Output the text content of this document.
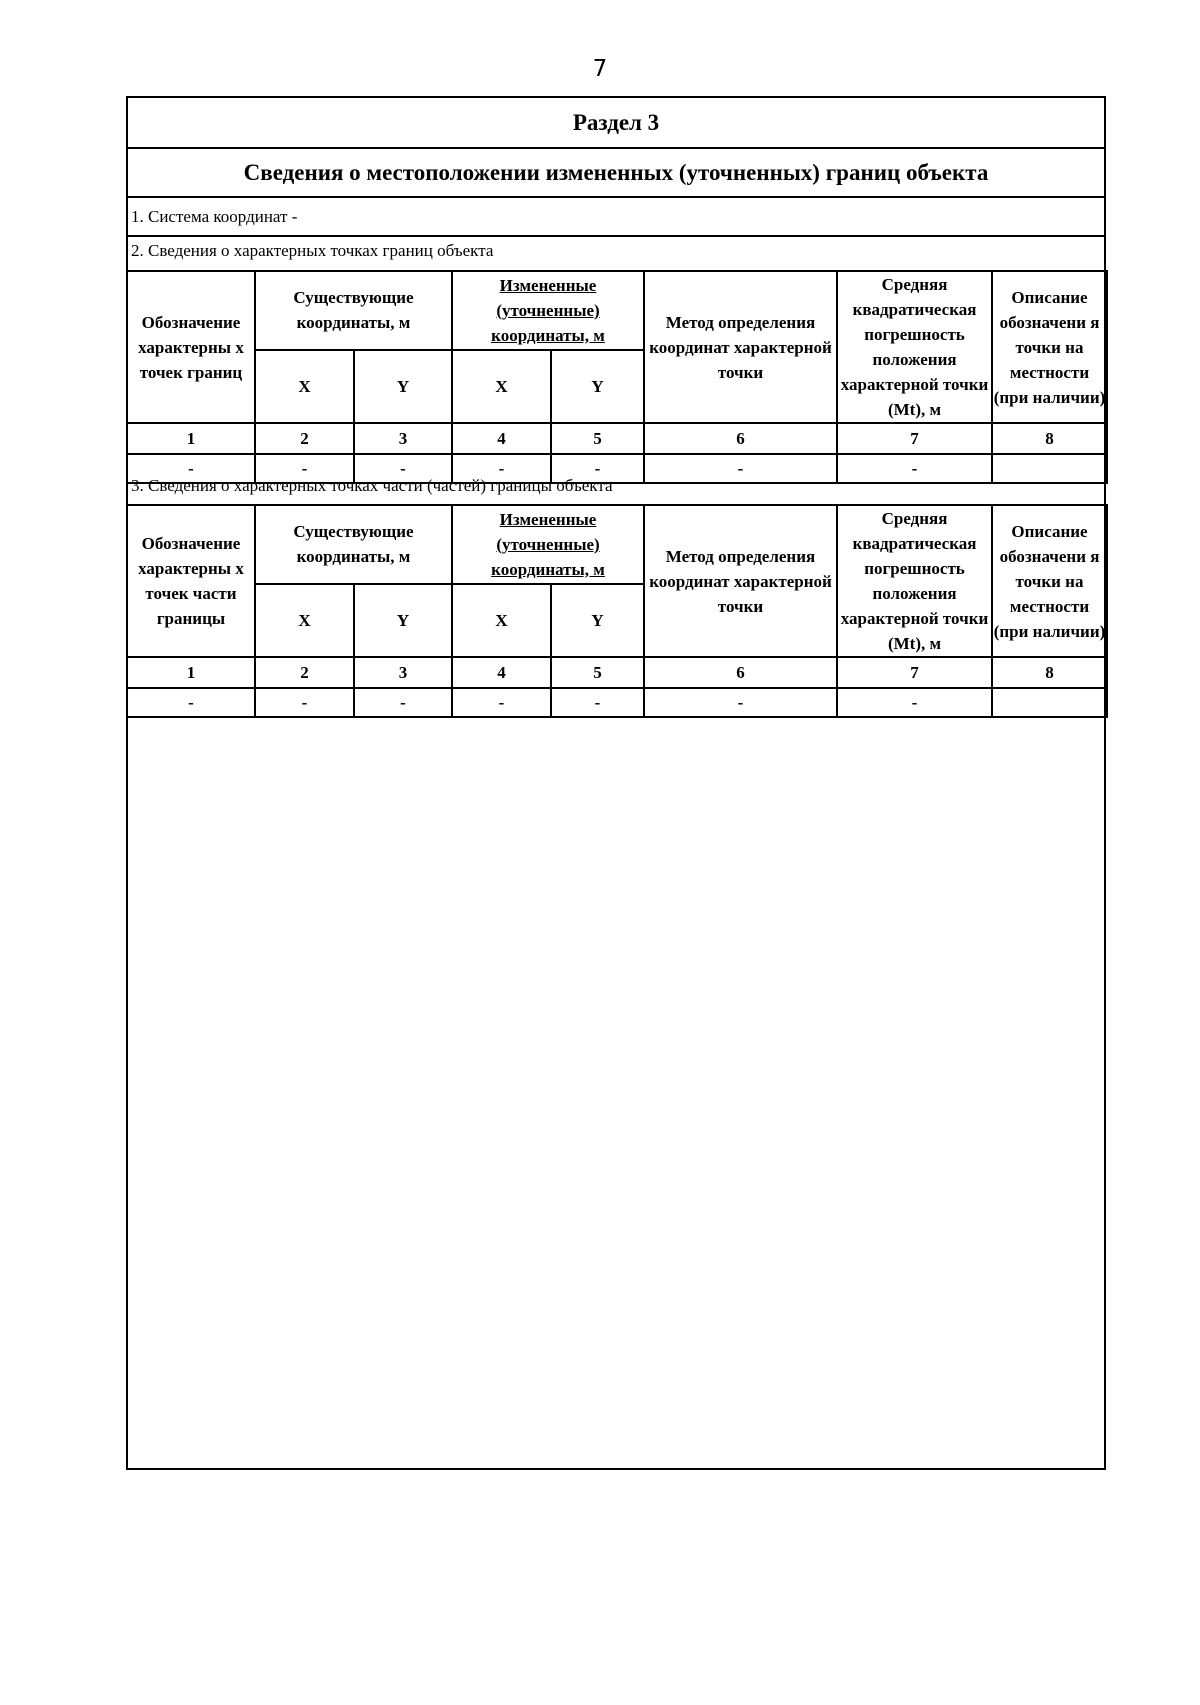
7
Раздел 3
Сведения о местоположении измененных (уточненных) границ объекта
1. Система координат -
2. Сведения о характерных точках границ объекта
Обозначение характерны х точек границ	Существующие координаты, м		Измененные (уточненные) координаты, м		Метод определения координат характерной точки	Средняя квадратическая погрешность положения характерной точки (Mt), м	Описание обозначени я точки на местности (при наличии)
	X	Y	X	Y			
1	2	3	4	5	6	7	8
-	-	-	-	-	-	-	
3. Сведения о характерных точках части (частей) границы объекта
Обозначение характерны х точек части границы	Существующие координаты, м		Измененные (уточненные) координаты, м		Метод определения координат характерной точки	Средняя квадратическая погрешность положения характерной точки (Mt), м	Описание обозначени я точки на местности (при наличии)
	X	Y	X	Y			
1	2	3	4	5	6	7	8
-	-	-	-	-	-	-	
